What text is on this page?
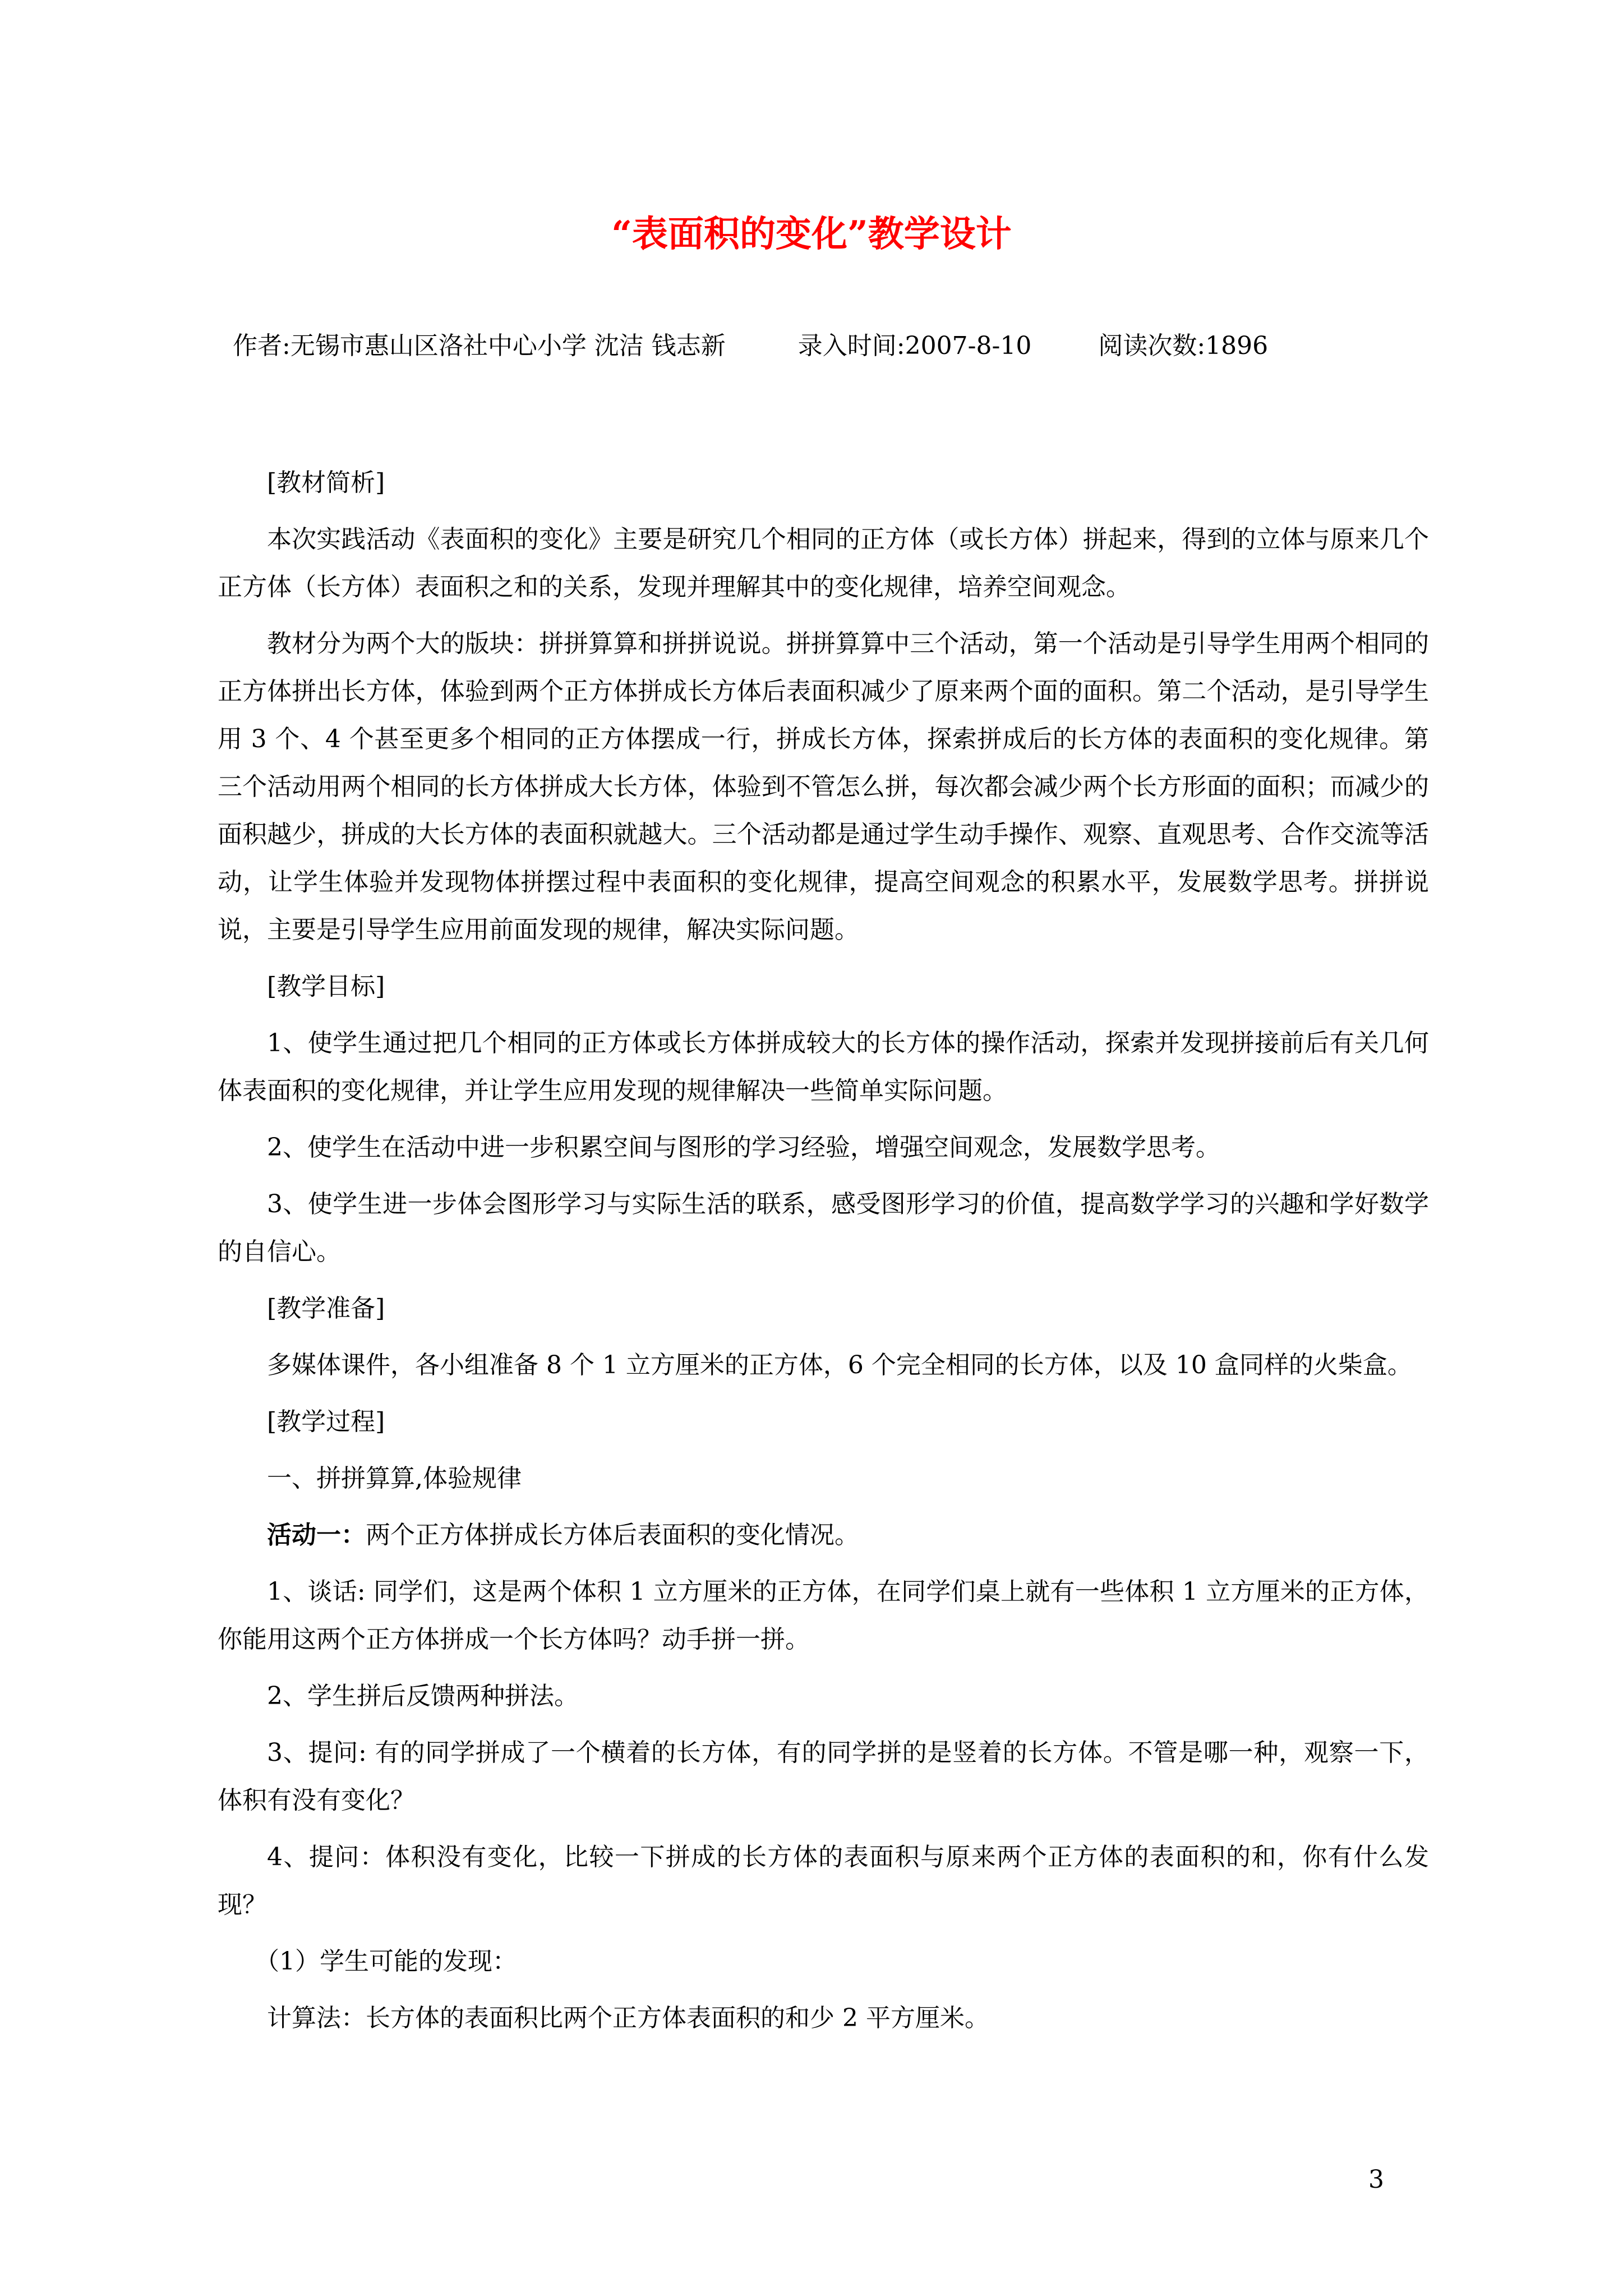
“表面积的变化”教学设计
作者:无锡市惠山区洛社中心小学 沈洁 钱志新	录入时间:2007-8-10	阅读次数:1896

[教材简析]

本次实践活动《表面积的变化》主要是研究几个相同的正方体（或长方体）拼起来，得到的立体与原来几个正方体（长方体）表面积之和的关系，发现并理解其中的变化规律，培养空间观念。

教材分为两个大的版块：拼拼算算和拼拼说说。拼拼算算中三个活动，第一个活动是引导学生用两个相同的正方体拼出长方体，体验到两个正方体拼成长方体后表面积减少了原来两个面的面积。第二个活动，是引导学生用 3 个、4 个甚至更多个相同的正方体摆成一行，拼成长方体，探索拼成后的长方体的表面积的变化规律。第三个活动用两个相同的长方体拼成大长方体，体验到不管怎么拼，每次都会减少两个长方形面的面积；而减少的面积越少，拼成的大长方体的表面积就越大。三个活动都是通过学生动手操作、观察、直观思考、合作交流等活动，让学生体验并发现物体拼摆过程中表面积的变化规律，提高空间观念的积累水平，发展数学思考。拼拼说说，主要是引导学生应用前面发现的规律，解决实际问题。

[教学目标]

1、使学生通过把几个相同的正方体或长方体拼成较大的长方体的操作活动，探索并发现拼接前后有关几何体表面积的变化规律，并让学生应用发现的规律解决一些简单实际问题。

2、使学生在活动中进一步积累空间与图形的学习经验，增强空间观念，发展数学思考。

3、使学生进一步体会图形学习与实际生活的联系，感受图形学习的价值，提高数学学习的兴趣和学好数学的自信心。

[教学准备]

多媒体课件，各小组准备 8 个 1 立方厘米的正方体，6 个完全相同的长方体，以及 10 盒同样的火柴盒。

[教学过程]

一、拼拼算算,体验规律

活动一：两个正方体拼成长方体后表面积的变化情况。

1、谈话: 同学们，这是两个体积 1 立方厘米的正方体，在同学们桌上就有一些体积 1 立方厘米的正方体，你能用这两个正方体拼成一个长方体吗？动手拼一拼。

2、学生拼后反馈两种拼法。

3、提问: 有的同学拼成了一个横着的长方体，有的同学拼的是竖着的长方体。不管是哪一种，观察一下，体积有没有变化？

4、提问：体积没有变化，比较一下拼成的长方体的表面积与原来两个正方体的表面积的和，你有什么发现？

（1）学生可能的发现：

计算法：长方体的表面积比两个正方体表面积的和少 2 平方厘米。

3
